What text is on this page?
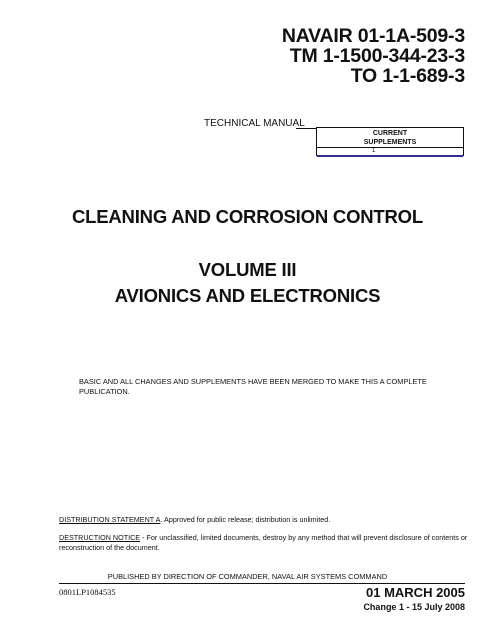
NAVAIR 01-1A-509-3
TM 1-1500-344-23-3
TO 1-1-689-3
TECHNICAL MANUAL
CURRENT
SUPPLEMENTS
1
CLEANING AND CORROSION CONTROL
VOLUME III
AVIONICS AND ELECTRONICS
BASIC AND ALL CHANGES AND SUPPLEMENTS HAVE BEEN MERGED TO MAKE THIS A COMPLETE PUBLICATION.
DISTRIBUTION STATEMENT A. Approved for public release; distribution is unlimited.
DESTRUCTION NOTICE - For unclassified, limited documents, destroy by any method that will prevent disclosure of contents or reconstruction of the document.
PUBLISHED BY DIRECTION OF COMMANDER, NAVAL AIR SYSTEMS COMMAND
0801LP1084535	01 MARCH 2005
Change 1 - 15 July 2008
